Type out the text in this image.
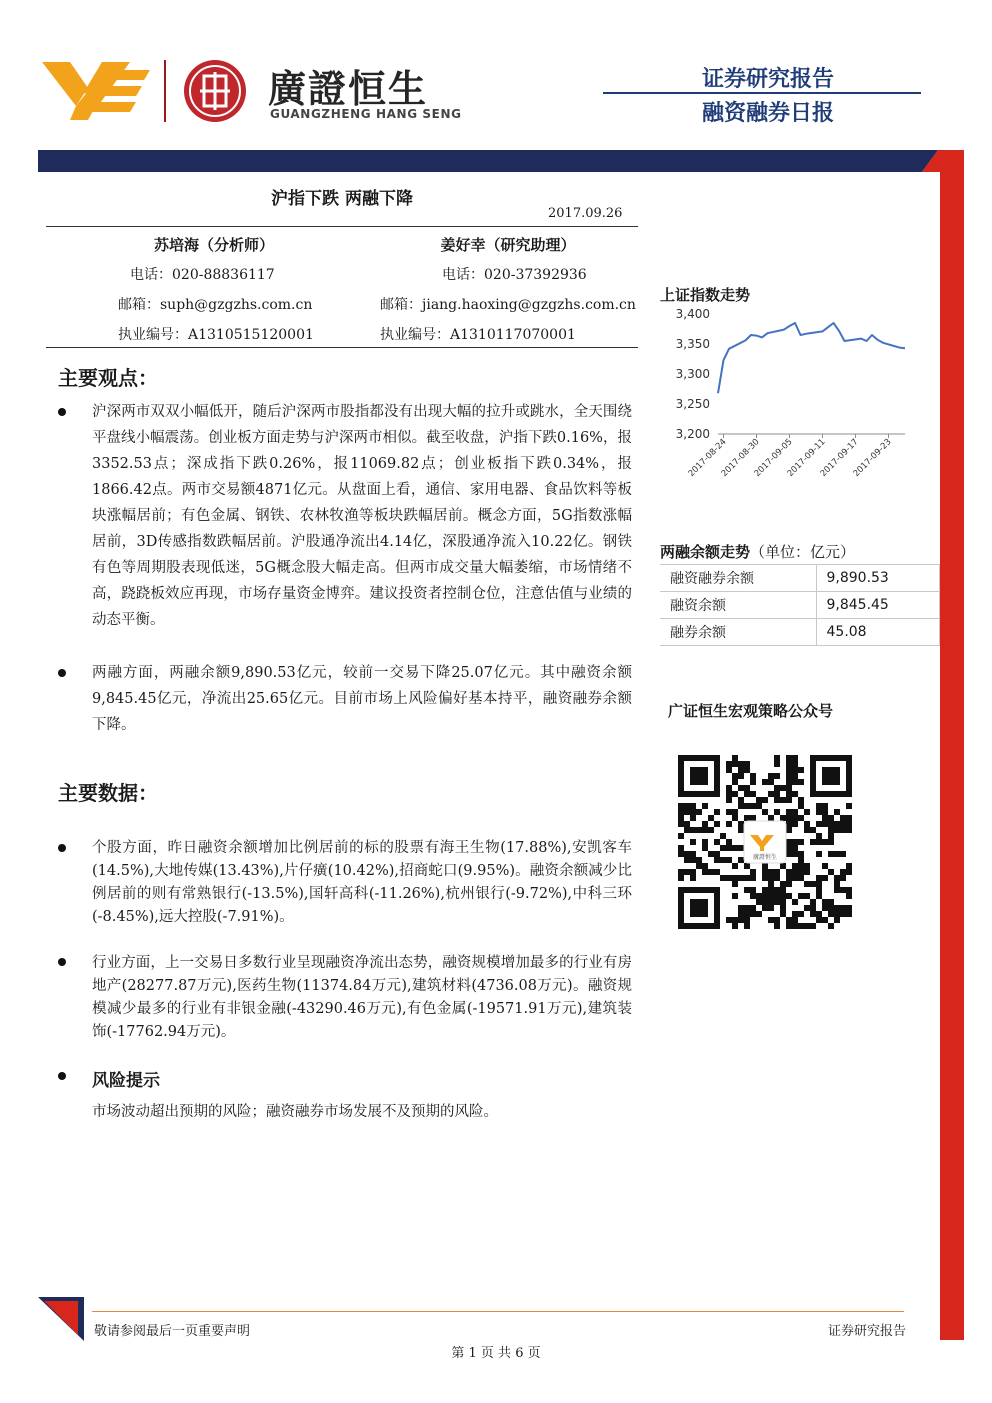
廣證恒生
GUANGZHENG HANG SENG
证券研究报告
融资融券日报
沪指下跌 两融下降
2017.09.26
苏培海（分析师）
电话：020-88836117
邮箱：suph@gzgzhs.com.cn
执业编号：A1310515120001
姜好幸（研究助理）
电话：020-37392936
邮箱：jiang.haoxing@gzgzhs.com.cn
执业编号：A1310117070001
主要观点：
沪深两市双双小幅低开，随后沪深两市股指都没有出现大幅的拉升或跳水，全天围绕平盘线小幅震荡。创业板方面走势与沪深两市相似。截至收盘，沪指下跌0.16%，报3352.53点；深成指下跌0.26%，报11069.82点；创业板指下跌0.34%，报1866.42点。两市交易额4871亿元。从盘面上看，通信、家用电器、食品饮料等板块涨幅居前；有色金属、钢铁、农林牧渔等板块跌幅居前。概念方面，5G指数涨幅居前，3D传感指数跌幅居前。沪股通净流出4.14亿，深股通净流入10.22亿。钢铁有色等周期股表现低迷，5G概念股大幅走高。但两市成交量大幅萎缩，市场情绪不高，跷跷板效应再现，市场存量资金博弈。建议投资者控制仓位，注意估值与业绩的动态平衡。
两融方面，两融余额9,890.53亿元，较前一交易下降25.07亿元。其中融资余额9,845.45亿元，净流出25.65亿元。目前市场上风险偏好基本持平，融资融券余额下降。
主要数据：
个股方面，昨日融资余额增加比例居前的标的股票有海王生物(17.88%),安凯客车(14.5%),大地传媒(13.43%),片仔癀(10.42%),招商蛇口(9.95%)。融资余额减少比例居前的则有常熟银行(-13.5%),国轩高科(-11.26%),杭州银行(-9.72%),中科三环(-8.45%),远大控股(-7.91%)。
行业方面，上一交易日多数行业呈现融资净流出态势，融资规模增加最多的行业有房地产(28277.87万元),医药生物(11374.84万元),建筑材料(4736.08万元)。融资规模减少最多的行业有非银金融(-43290.46万元),有色金属(-19571.91万元),建筑装饰(-17762.94万元)。
风险提示
市场波动超出预期的风险；融资融券市场发展不及预期的风险。
上证指数走势
3,400
3,350
3,300
3,250
3,200
2017-08-24
2017-08-30
2017-09-05
2017-09-11
2017-09-17
2017-09-23
两融余额走势（单位：亿元）
融资融券余额	9,890.53
融资余额	9,845.45
融券余额	45.08
广证恒生宏观策略公众号
廣證恒生
敬请参阅最后一页重要声明	证券研究报告
第 1 页 共 6 页
